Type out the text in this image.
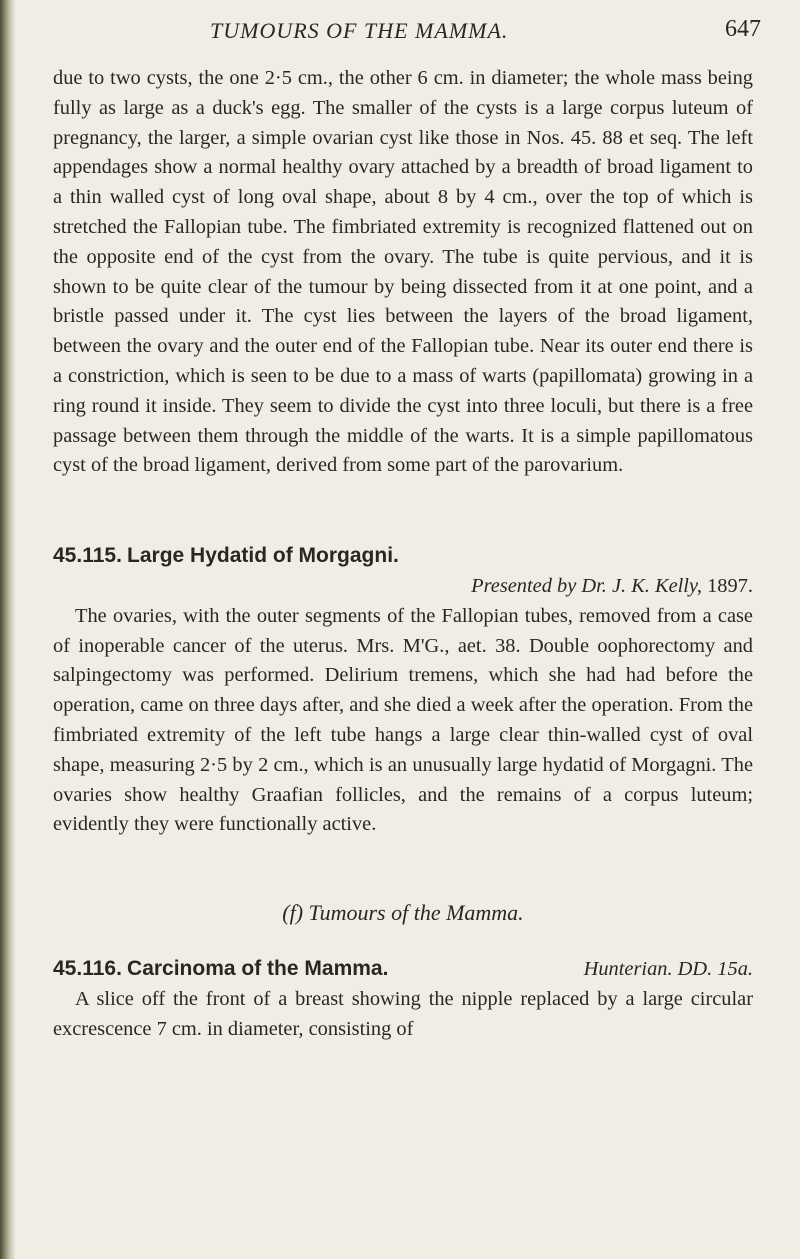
TUMOURS OF THE MAMMA.	647

due to two cysts, the one 2·5 cm., the other 6 cm. in diameter; the whole mass being fully as large as a duck's egg. The smaller of the cysts is a large corpus luteum of pregnancy, the larger, a simple ovarian cyst like those in Nos. 45. 88 et seq. The left appendages show a normal healthy ovary attached by a breadth of broad ligament to a thin walled cyst of long oval shape, about 8 by 4 cm., over the top of which is stretched the Fallopian tube. The fimbriated extremity is recognized flattened out on the opposite end of the cyst from the ovary. The tube is quite pervious, and it is shown to be quite clear of the tumour by being dissected from it at one point, and a bristle passed under it. The cyst lies between the layers of the broad ligament, between the ovary and the outer end of the Fallopian tube. Near its outer end there is a constriction, which is seen to be due to a mass of warts (papillomata) growing in a ring round it inside. They seem to divide the cyst into three loculi, but there is a free passage between them through the middle of the warts. It is a simple papillomatous cyst of the broad ligament, derived from some part of the parovarium.

45.115. Large Hydatid of Morgagni.
Presented by Dr. J. K. Kelly, 1897.

The ovaries, with the outer segments of the Fallopian tubes, removed from a case of inoperable cancer of the uterus. Mrs. M'G., aet. 38. Double oophorectomy and salpingectomy was performed. Delirium tremens, which she had had before the operation, came on three days after, and she died a week after the operation. From the fimbriated extremity of the left tube hangs a large clear thin-walled cyst of oval shape, measuring 2·5 by 2 cm., which is an unusually large hydatid of Morgagni. The ovaries show healthy Graafian follicles, and the remains of a corpus luteum; evidently they were functionally active.

(f) Tumours of the Mamma.
45.116. Carcinoma of the Mamma.	Hunterian. DD. 15a.

A slice off the front of a breast showing the nipple replaced by a large circular excrescence 7 cm. in diameter, consisting of
